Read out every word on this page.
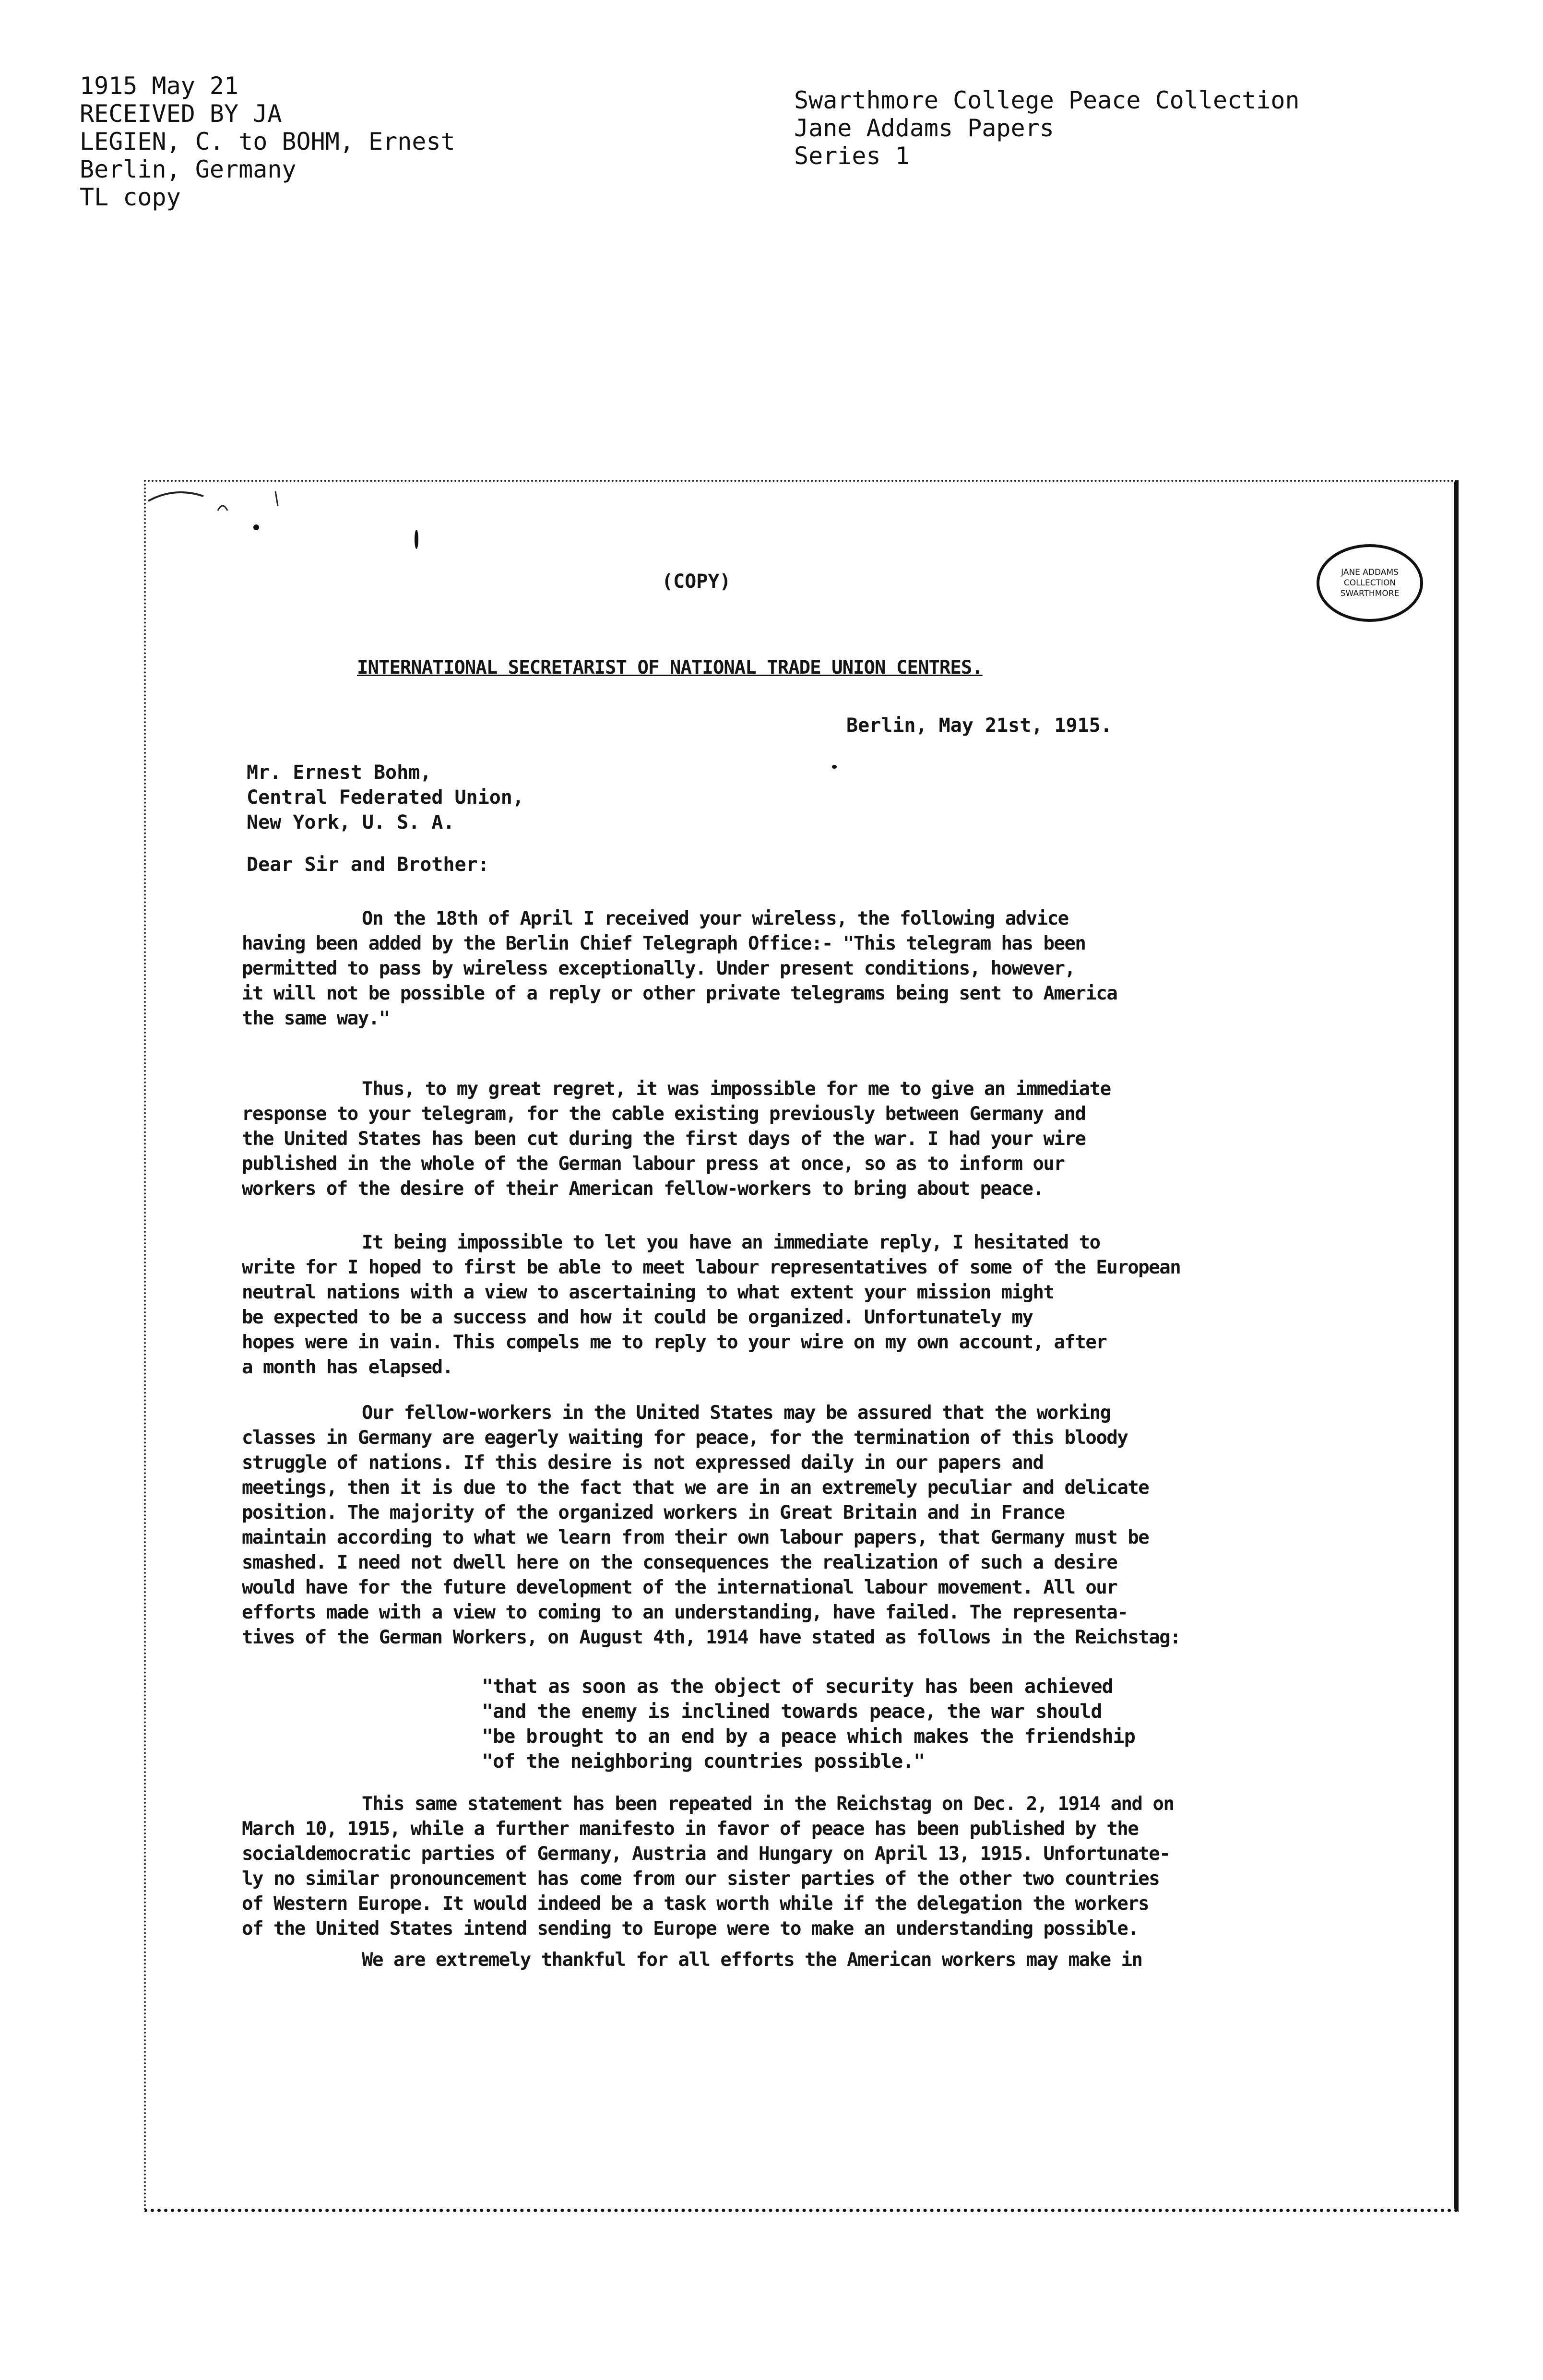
1915 May 21
RECEIVED BY JA
LEGIEN, C. to BOHM, Ernest
Berlin, Germany
TL copy
Swarthmore College Peace Collection
Jane Addams Papers
Series 1
JANE ADDAMS
COLLECTION
SWARTHMORE
(COPY)
INTERNATIONAL SECRETARIST OF NATIONAL TRADE UNION CENTRES.
Berlin, May 21st, 1915.
Mr. Ernest Bohm,
Central Federated Union,
New York, U. S. A.
Dear Sir and Brother:
On the 18th of April I received your wireless, the following advice
having been added by the Berlin Chief Telegraph Office:- "This telegram has been
permitted to pass by wireless exceptionally. Under present conditions, however,
it will not be possible of a reply or other private telegrams being sent to America
the same way."
Thus, to my great regret, it was impossible for me to give an immediate
response to your telegram, for the cable existing previously between Germany and
the United States has been cut during the first days of the war. I had your wire
published in the whole of the German labour press at once, so as to inform our
workers of the desire of their American fellow-workers to bring about peace.
It being impossible to let you have an immediate reply, I hesitated to
write for I hoped to first be able to meet labour representatives of some of the European
neutral nations with a view to ascertaining to what extent your mission might
be expected to be a success and how it could be organized. Unfortunately my
hopes were in vain. This compels me to reply to your wire on my own account, after
a month has elapsed.
Our fellow-workers in the United States may be assured that the working
classes in Germany are eagerly waiting for peace, for the termination of this bloody
struggle of nations. If this desire is not expressed daily in our papers and
meetings, then it is due to the fact that we are in an extremely peculiar and delicate
position. The majority of the organized workers in Great Britain and in France
maintain according to what we learn from their own labour papers, that Germany must be
smashed. I need not dwell here on the consequences the realization of such a desire
would have for the future development of the international labour movement. All our
efforts made with a view to coming to an understanding, have failed. The representa-
tives of the German Workers, on August 4th, 1914 have stated as follows in the Reichstag:
"that as soon as the object of security has been achieved
"and the enemy is inclined towards peace, the war should
"be brought to an end by a peace which makes the friendship
"of the neighboring countries possible."
This same statement has been repeated in the Reichstag on Dec. 2, 1914 and on
March 10, 1915, while a further manifesto in favor of peace has been published by the
socialdemocratic parties of Germany, Austria and Hungary on April 13, 1915. Unfortunate-
ly no similar pronouncement has come from our sister parties of the other two countries
of Western Europe. It would indeed be a task worth while if the delegation the workers
of the United States intend sending to Europe were to make an understanding possible.
We are extremely thankful for all efforts the American workers may make in
